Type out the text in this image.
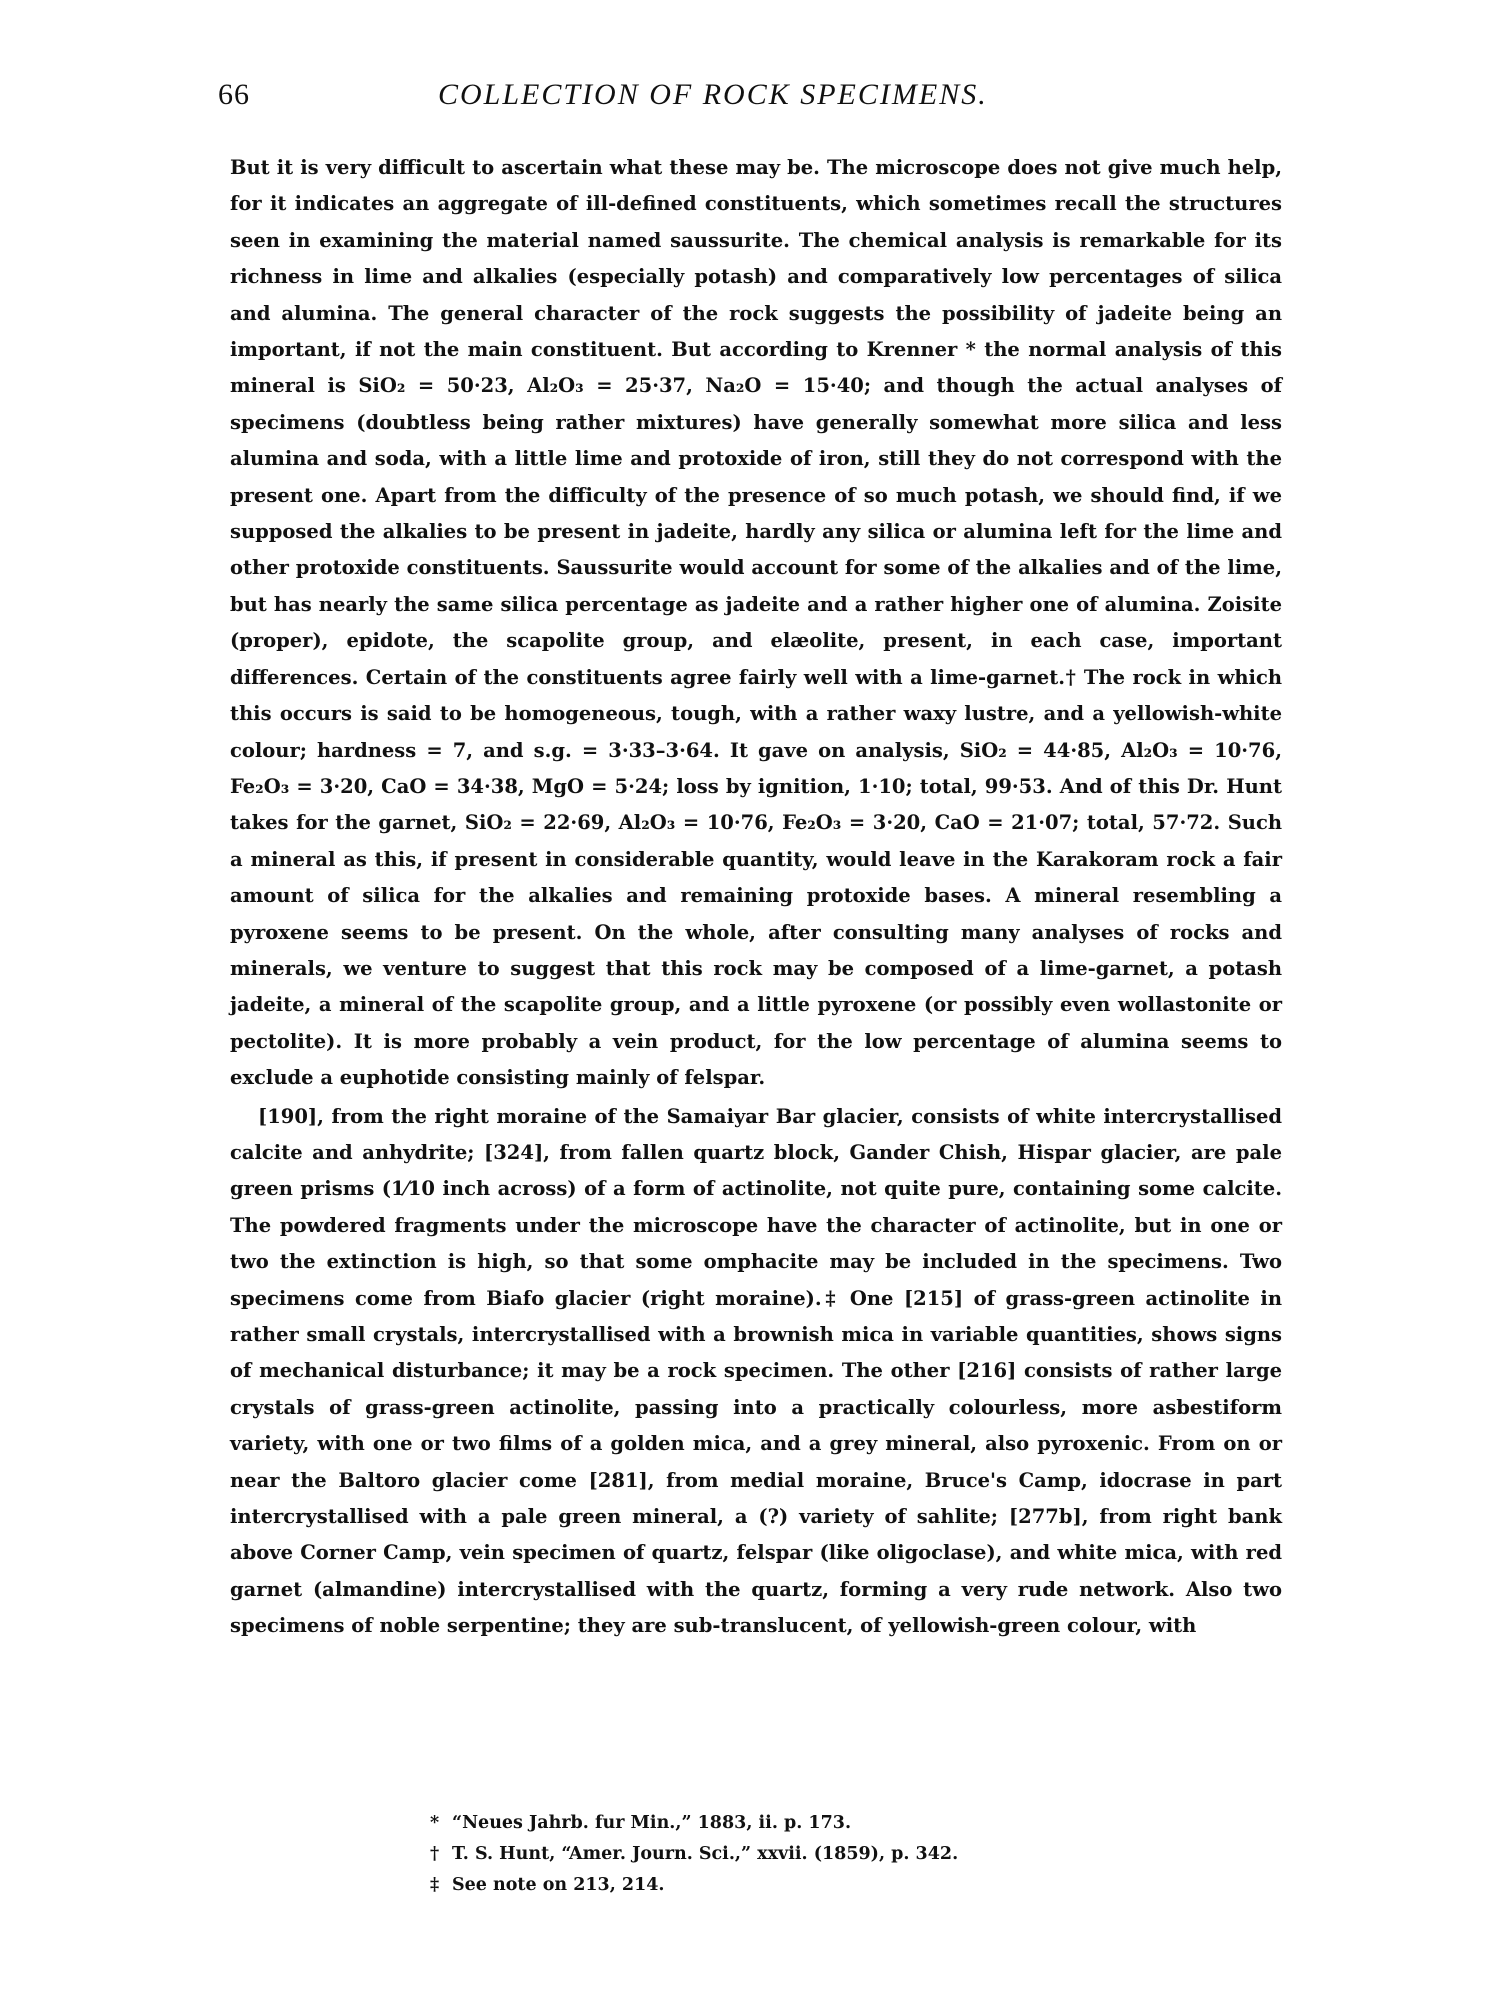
66	COLLECTION OF ROCK SPECIMENS.

But it is very difficult to ascertain what these may be. The microscope does not give much help, for it indicates an aggregate of ill-defined constituents, which sometimes recall the structures seen in examining the material named saussurite. The chemical analysis is remarkable for its richness in lime and alkalies (especially potash) and comparatively low percentages of silica and alumina. The general character of the rock suggests the possibility of jadeite being an important, if not the main constituent. But according to Krenner * the normal analysis of this mineral is SiO₂ = 50·23, Al₂O₃ = 25·37, Na₂O = 15·40; and though the actual analyses of specimens (doubtless being rather mixtures) have generally somewhat more silica and less alumina and soda, with a little lime and protoxide of iron, still they do not correspond with the present one. Apart from the difficulty of the presence of so much potash, we should find, if we supposed the alkalies to be present in jadeite, hardly any silica or alumina left for the lime and other protoxide constituents. Saussurite would account for some of the alkalies and of the lime, but has nearly the same silica percentage as jadeite and a rather higher one of alumina. Zoisite (proper), epidote, the scapolite group, and elæolite, present, in each case, important differences. Certain of the constituents agree fairly well with a lime-garnet.† The rock in which this occurs is said to be homogeneous, tough, with a rather waxy lustre, and a yellowish-white colour; hardness = 7, and s.g. = 3·33–3·64. It gave on analysis, SiO₂ = 44·85, Al₂O₃ = 10·76, Fe₂O₃ = 3·20, CaO = 34·38, MgO = 5·24; loss by ignition, 1·10; total, 99·53. And of this Dr. Hunt takes for the garnet, SiO₂ = 22·69, Al₂O₃ = 10·76, Fe₂O₃ = 3·20, CaO = 21·07; total, 57·72. Such a mineral as this, if present in considerable quantity, would leave in the Karakoram rock a fair amount of silica for the alkalies and remaining protoxide bases. A mineral resembling a pyroxene seems to be present. On the whole, after consulting many analyses of rocks and minerals, we venture to suggest that this rock may be composed of a lime-garnet, a potash jadeite, a mineral of the scapolite group, and a little pyroxene (or possibly even wollastonite or pectolite). It is more probably a vein product, for the low percentage of alumina seems to exclude a euphotide consisting mainly of felspar.

[190], from the right moraine of the Samaiyar Bar glacier, consists of white intercrystallised calcite and anhydrite; [324], from fallen quartz block, Gander Chish, Hispar glacier, are pale green prisms (1⁄10 inch across) of a form of actinolite, not quite pure, containing some calcite. The powdered fragments under the microscope have the character of actinolite, but in one or two the extinction is high, so that some omphacite may be included in the specimens. Two specimens come from Biafo glacier (right moraine).‡ One [215] of grass-green actinolite in rather small crystals, intercrystallised with a brownish mica in variable quantities, shows signs of mechanical disturbance; it may be a rock specimen. The other [216] consists of rather large crystals of grass-green actinolite, passing into a practically colourless, more asbestiform variety, with one or two films of a golden mica, and a grey mineral, also pyroxenic. From on or near the Baltoro glacier come [281], from medial moraine, Bruce's Camp, idocrase in part intercrystallised with a pale green mineral, a (?) variety of sahlite; [277b], from right bank above Corner Camp, vein specimen of quartz, felspar (like oligoclase), and white mica, with red garnet (almandine) intercrystallised with the quartz, forming a very rude network. Also two specimens of noble serpentine; they are sub-translucent, of yellowish-green colour, with

* “Neues Jahrb. fur Min.,” 1883, ii. p. 173.
† T. S. Hunt, “Amer. Journ. Sci.,” xxvii. (1859), p. 342.
‡ See note on 213, 214.
